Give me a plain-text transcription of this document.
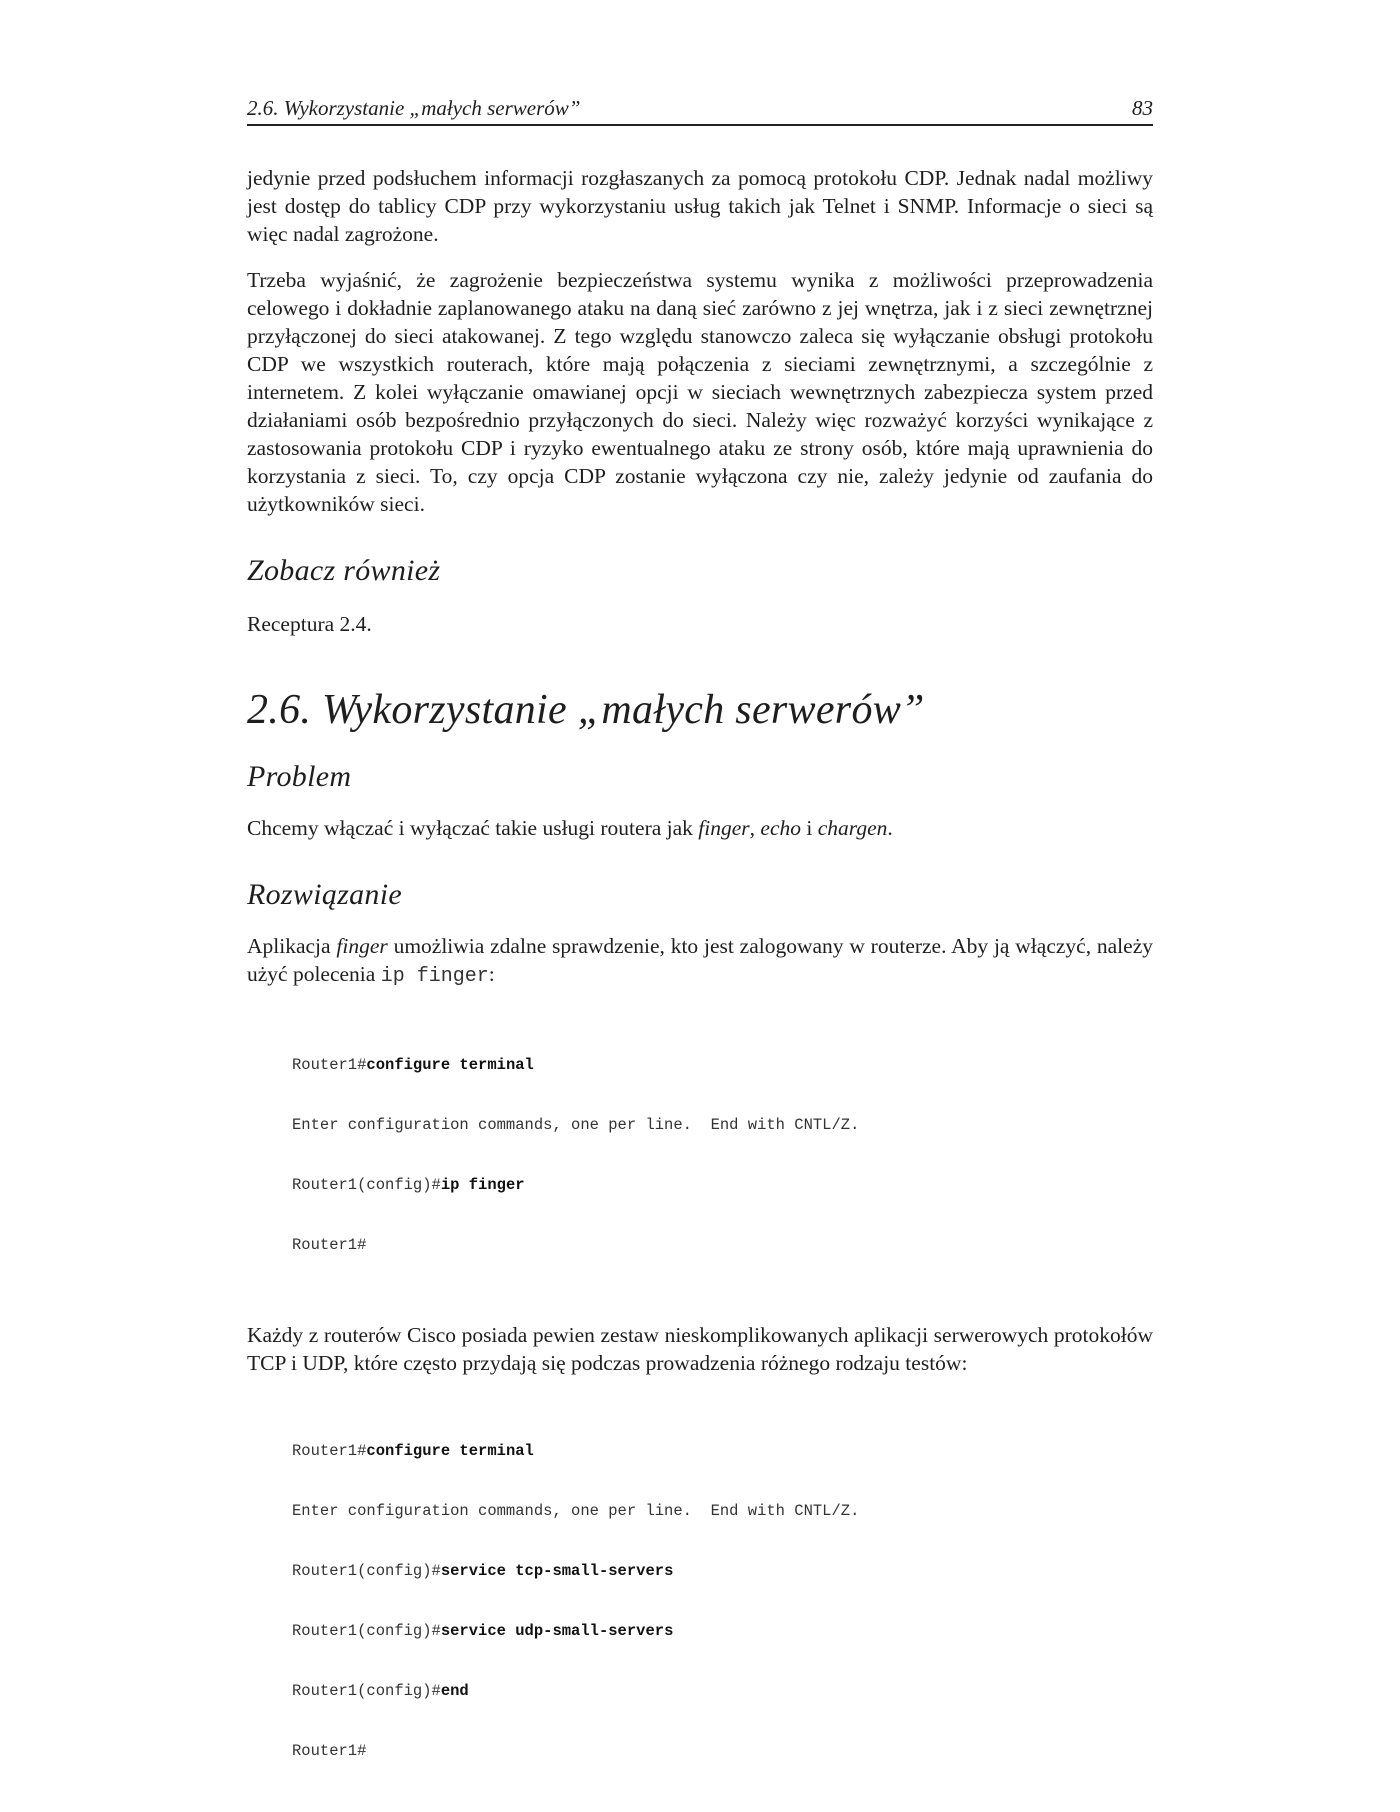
2.6. Wykorzystanie „małych serwerów”	83

jedynie przed podsłuchem informacji rozgłaszanych za pomocą protokołu CDP. Jednak nadal możliwy jest dostęp do tablicy CDP przy wykorzystaniu usług takich jak Telnet i SNMP. Informacje o sieci są więc nadal zagrożone.

Trzeba wyjaśnić, że zagrożenie bezpieczeństwa systemu wynika z możliwości przeprowadzenia celowego i dokładnie zaplanowanego ataku na daną sieć zarówno z jej wnętrza, jak i z sieci zewnętrznej przyłączonej do sieci atakowanej. Z tego względu stanowczo zaleca się wyłączanie obsługi protokołu CDP we wszystkich routerach, które mają połączenia z sieciami zewnętrznymi, a szczególnie z internetem. Z kolei wyłączanie omawianej opcji w sieciach wewnętrznych zabezpiecza system przed działaniami osób bezpośrednio przyłączonych do sieci. Należy więc rozważyć korzyści wynikające z zastosowania protokołu CDP i ryzyko ewentualnego ataku ze strony osób, które mają uprawnienia do korzystania z sieci. To, czy opcja CDP zostanie wyłączona czy nie, zależy jedynie od zaufania do użytkowników sieci.

Zobacz również

Receptura 2.4.

2.6. Wykorzystanie „małych serwerów”
Problem

Chcemy włączać i wyłączać takie usługi routera jak finger, echo i chargen.

Rozwiązanie

Aplikacja finger umożliwia zdalne sprawdzenie, kto jest zalogowany w routerze. Aby ją włączyć, należy użyć polecenia ip finger:

Router1#configure terminal

Enter configuration commands, one per line.  End with CNTL/Z.

Router1(config)#ip finger

Router1#

Każdy z routerów Cisco posiada pewien zestaw nieskomplikowanych aplikacji serwerowych protokołów TCP i UDP, które często przydają się podczas prowadzenia różnego rodzaju testów:

Router1#configure terminal

Enter configuration commands, one per line.  End with CNTL/Z.

Router1(config)#service tcp-small-servers

Router1(config)#service udp-small-servers

Router1(config)#end

Router1#
